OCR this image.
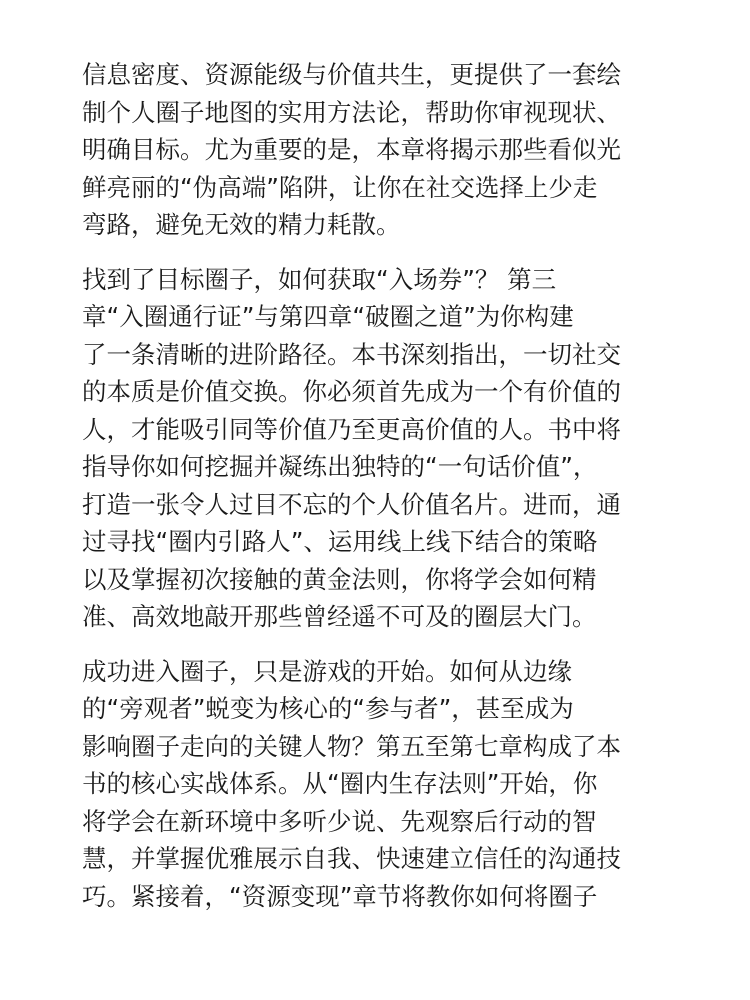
信息密度、资源能级与价值共生，更提供了一套绘
制个人圈子地图的实用方法论，帮助你审视现状、
明确目标。尤为重要的是，本章将揭示那些看似光
鲜亮丽的“伪高端”陷阱，让你在社交选择上少走
弯路，避免无效的精力耗散。
找到了目标圈子，如何获取“入场券”？ 第三
章“入圈通行证”与第四章“破圈之道”为你构建
了一条清晰的进阶路径。本书深刻指出，一切社交
的本质是价值交换。你必须首先成为一个有价值的
人，才能吸引同等价值乃至更高价值的人。书中将
指导你如何挖掘并凝练出独特的“一句话价值”，
打造一张令人过目不忘的个人价值名片。进而，通
过寻找“圈内引路人”、运用线上线下结合的策略
以及掌握初次接触的黄金法则，你将学会如何精
准、高效地敲开那些曾经遥不可及的圈层大门。
成功进入圈子，只是游戏的开始。如何从边缘
的“旁观者”蜕变为核心的“参与者”，甚至成为
影响圈子走向的关键人物？第五至第七章构成了本
书的核心实战体系。从“圈内生存法则”开始，你
将学会在新环境中多听少说、先观察后行动的智
慧，并掌握优雅展示自我、快速建立信任的沟通技
巧。紧接着，“资源变现”章节将教你如何将圈子
